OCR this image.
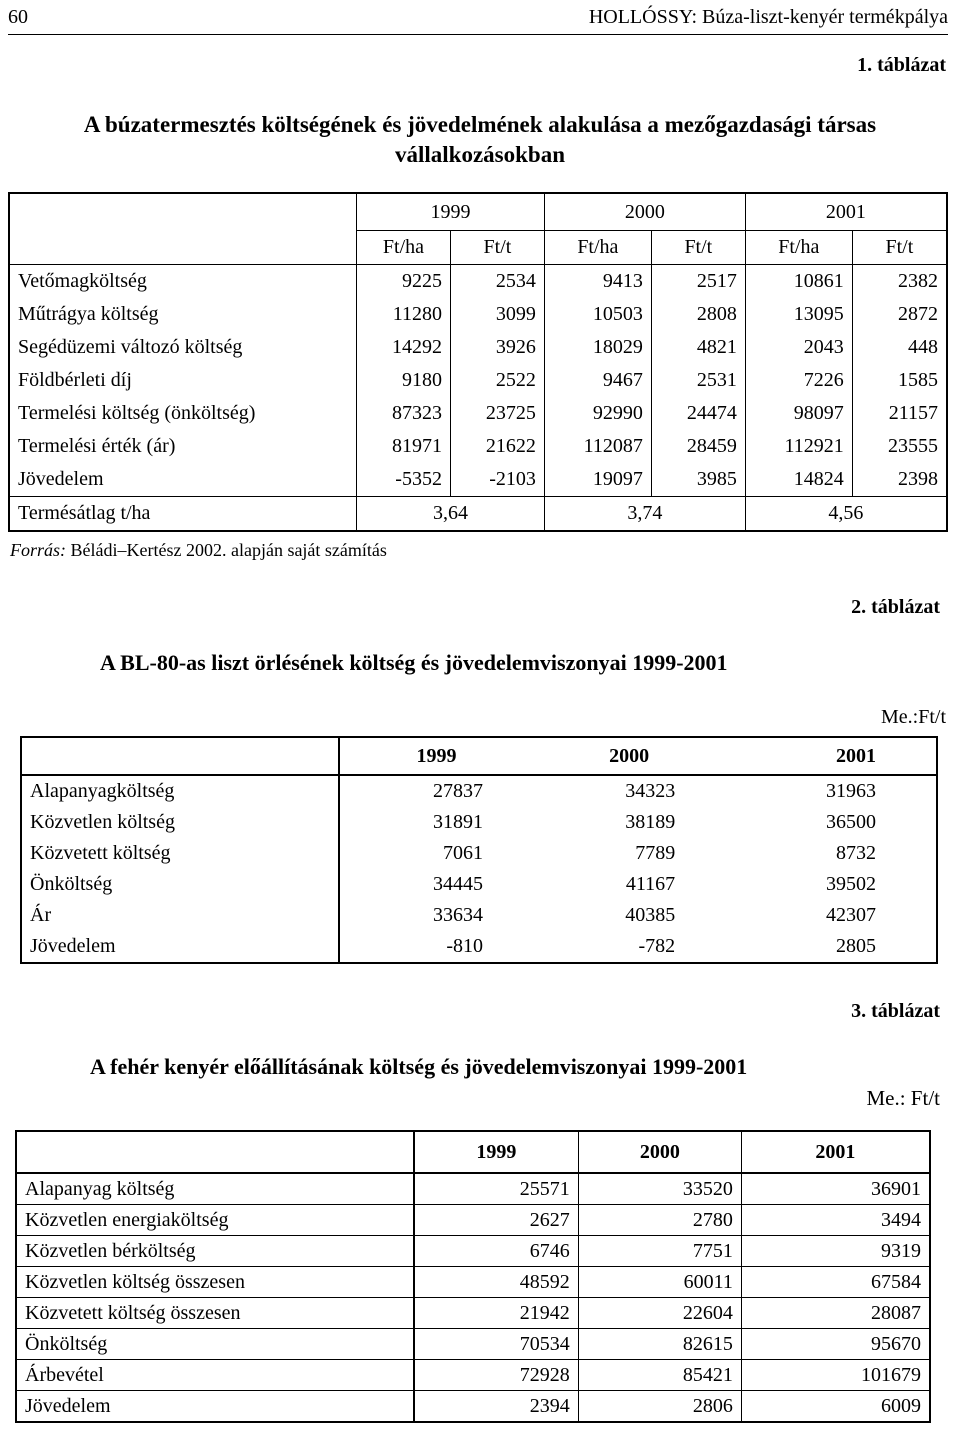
60	HOLLÓSSY: Búza-liszt-kenyér termékpálya
1. táblázat
A búzatermesztés költségének és jövedelmének alakulása a mezőgazdasági társas
vállalkozásokban
	1999		2000		2001	
	Ft/ha	Ft/t	Ft/ha	Ft/t	Ft/ha	Ft/t
Vetőmagköltség	9225	2534	9413	2517	10861	2382
Műtrágya költség	11280	3099	10503	2808	13095	2872
Segédüzemi változó költség	14292	3926	18029	4821	2043	448
Földbérleti díj	9180	2522	9467	2531	7226	1585
Termelési költség (önköltség)	87323	23725	92990	24474	98097	21157
Termelési érték (ár)	81971	21622	112087	28459	112921	23555
Jövedelem	-5352	-2103	19097	3985	14824	2398
Termésátlag t/ha	3,64		3,74		4,56	
Forrás: Béládi–Kertész 2002. alapján saját számítás
2. táblázat
A BL-80-as liszt örlésének költség és jövedelemviszonyai 1999-2001
Me.:Ft/t
	1999	2000	2001
Alapanyagköltség	27837	34323	31963
Közvetlen költség	31891	38189	36500
Közvetett költség	7061	7789	8732
Önköltség	34445	41167	39502
Ár	33634	40385	42307
Jövedelem	-810	-782	2805
3. táblázat
A fehér kenyér előállításának költség és jövedelemviszonyai 1999-2001
Me.: Ft/t
	1999	2000	2001
Alapanyag költség	25571	33520	36901
Közvetlen energiaköltség	2627	2780	3494
Közvetlen bérköltség	6746	7751	9319
Közvetlen költség összesen	48592	60011	67584
Közvetett költség összesen	21942	22604	28087
Önköltség	70534	82615	95670
Árbevétel	72928	85421	101679
Jövedelem	2394	2806	6009
